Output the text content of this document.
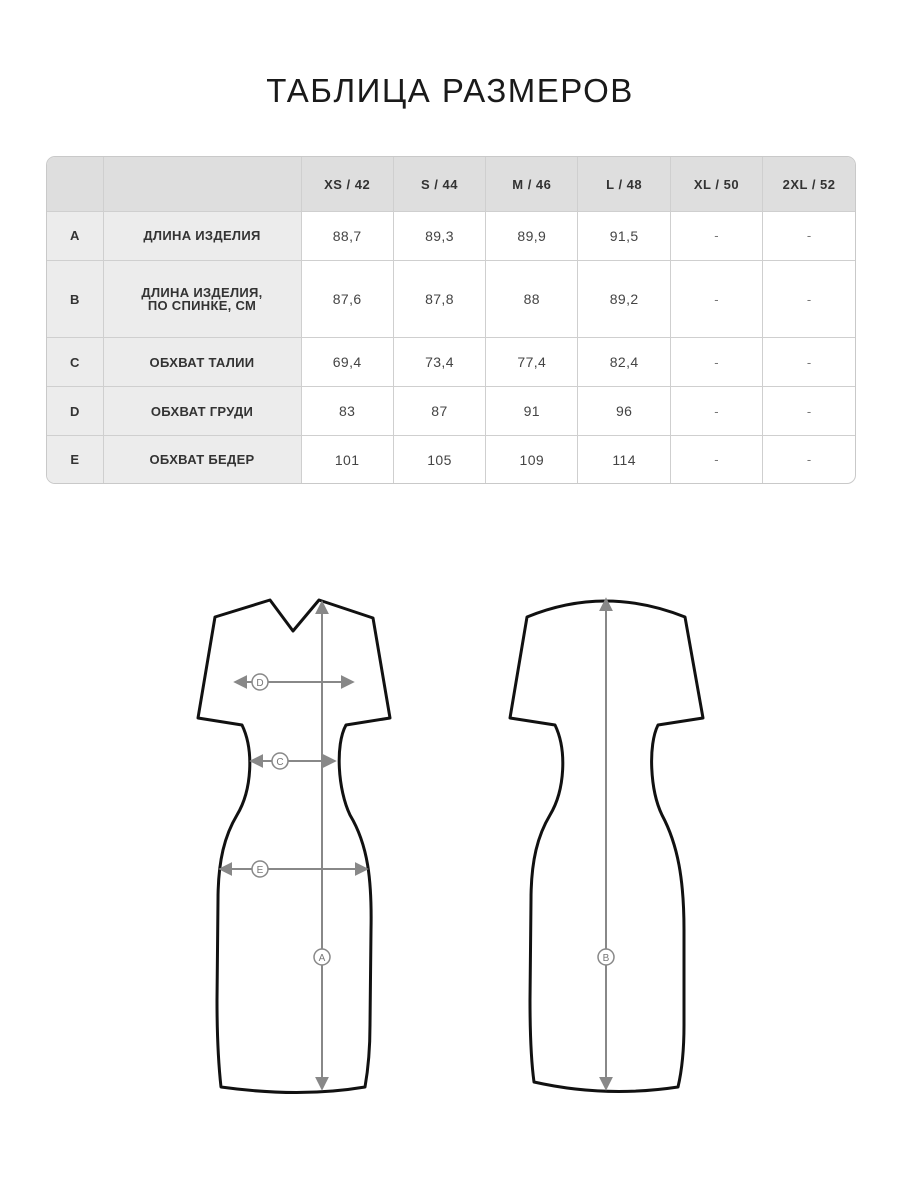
ТАБЛИЦА РАЗМЕРОВ
		XS / 42	S / 44	M / 46	L / 48	XL / 50	2XL / 52
A	ДЛИНА ИЗДЕЛИЯ	88,7	89,3	89,9	91,5	-	-
B	ДЛИНА ИЗДЕЛИЯ,
ПО СПИНКЕ, СМ	87,6	87,8	88	89,2	-	-
C	ОБХВАТ ТАЛИИ	69,4	73,4	77,4	82,4	-	-
D	ОБХВАТ ГРУДИ	83	87	91	96	-	-
E	ОБХВАТ БЕДЕР	101	105	109	114	-	-
D
C
E
A	B
